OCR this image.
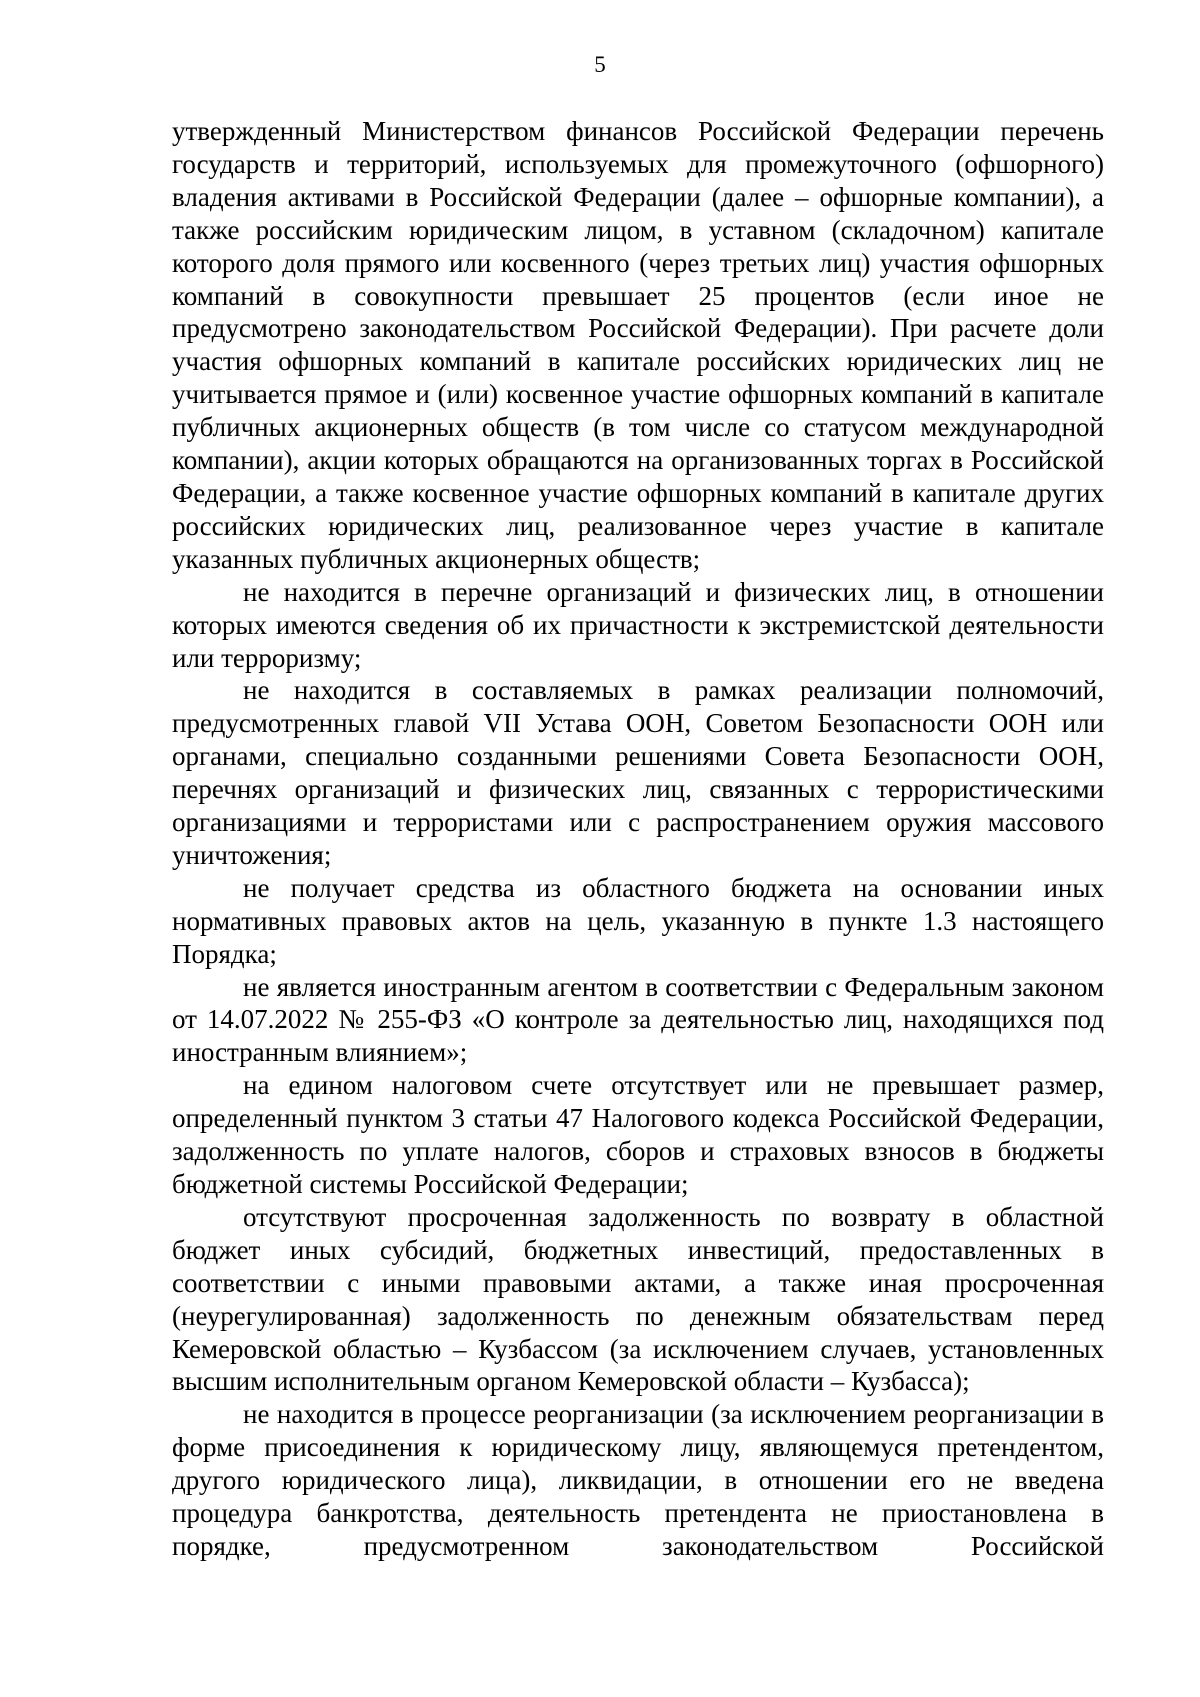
5

утвержденный Министерством финансов Российской Федерации перечень государств и территорий, используемых для промежуточного (офшорного) владения активами в Российской Федерации (далее – офшорные компании), а также российским юридическим лицом, в уставном (складочном) капитале которого доля прямого или косвенного (через третьих лиц) участия офшорных компаний в совокупности превышает 25 процентов (если иное не предусмотрено законодательством Российской Федерации). При расчете доли участия офшорных компаний в капитале российских юридических лиц не учитывается прямое и (или) косвенное участие офшорных компаний в капитале публичных акционерных обществ (в том числе со статусом международной компании), акции которых обращаются на организованных торгах в Российской Федерации, а также косвенное участие офшорных компаний в капитале других российских юридических лиц, реализованное через участие в капитале указанных публичных акционерных обществ;

не находится в перечне организаций и физических лиц, в отношении которых имеются сведения об их причастности к экстремистской деятельности или терроризму;

не находится в составляемых в рамках реализации полномочий, предусмотренных главой VII Устава ООН, Советом Безопасности ООН или органами, специально созданными решениями Совета Безопасности ООН, перечнях организаций и физических лиц, связанных с террористическими организациями и террористами или с распространением оружия массового уничтожения;

не получает средства из областного бюджета на основании иных нормативных правовых актов на цель, указанную в пункте 1.3 настоящего Порядка;

не является иностранным агентом в соответствии с Федеральным законом от 14.07.2022 № 255-ФЗ «О контроле за деятельностью лиц, находящихся под иностранным влиянием»;

на едином налоговом счете отсутствует или не превышает размер, определенный пунктом 3 статьи 47 Налогового кодекса Российской Федерации, задолженность по уплате налогов, сборов и страховых взносов в бюджеты бюджетной системы Российской Федерации;

отсутствуют просроченная задолженность по возврату в областной бюджет иных субсидий, бюджетных инвестиций, предоставленных в соответствии с иными правовыми актами, а также иная просроченная (неурегулированная) задолженность по денежным обязательствам перед Кемеровской областью – Кузбассом (за исключением случаев, установленных высшим исполнительным органом Кемеровской области – Кузбасса);

не находится в процессе реорганизации (за исключением реорганизации в форме присоединения к юридическому лицу, являющемуся претендентом, другого юридического лица), ликвидации, в отношении его не введена процедура банкротства, деятельность претендента не приостановлена в порядке, предусмотренном законодательством Российской
